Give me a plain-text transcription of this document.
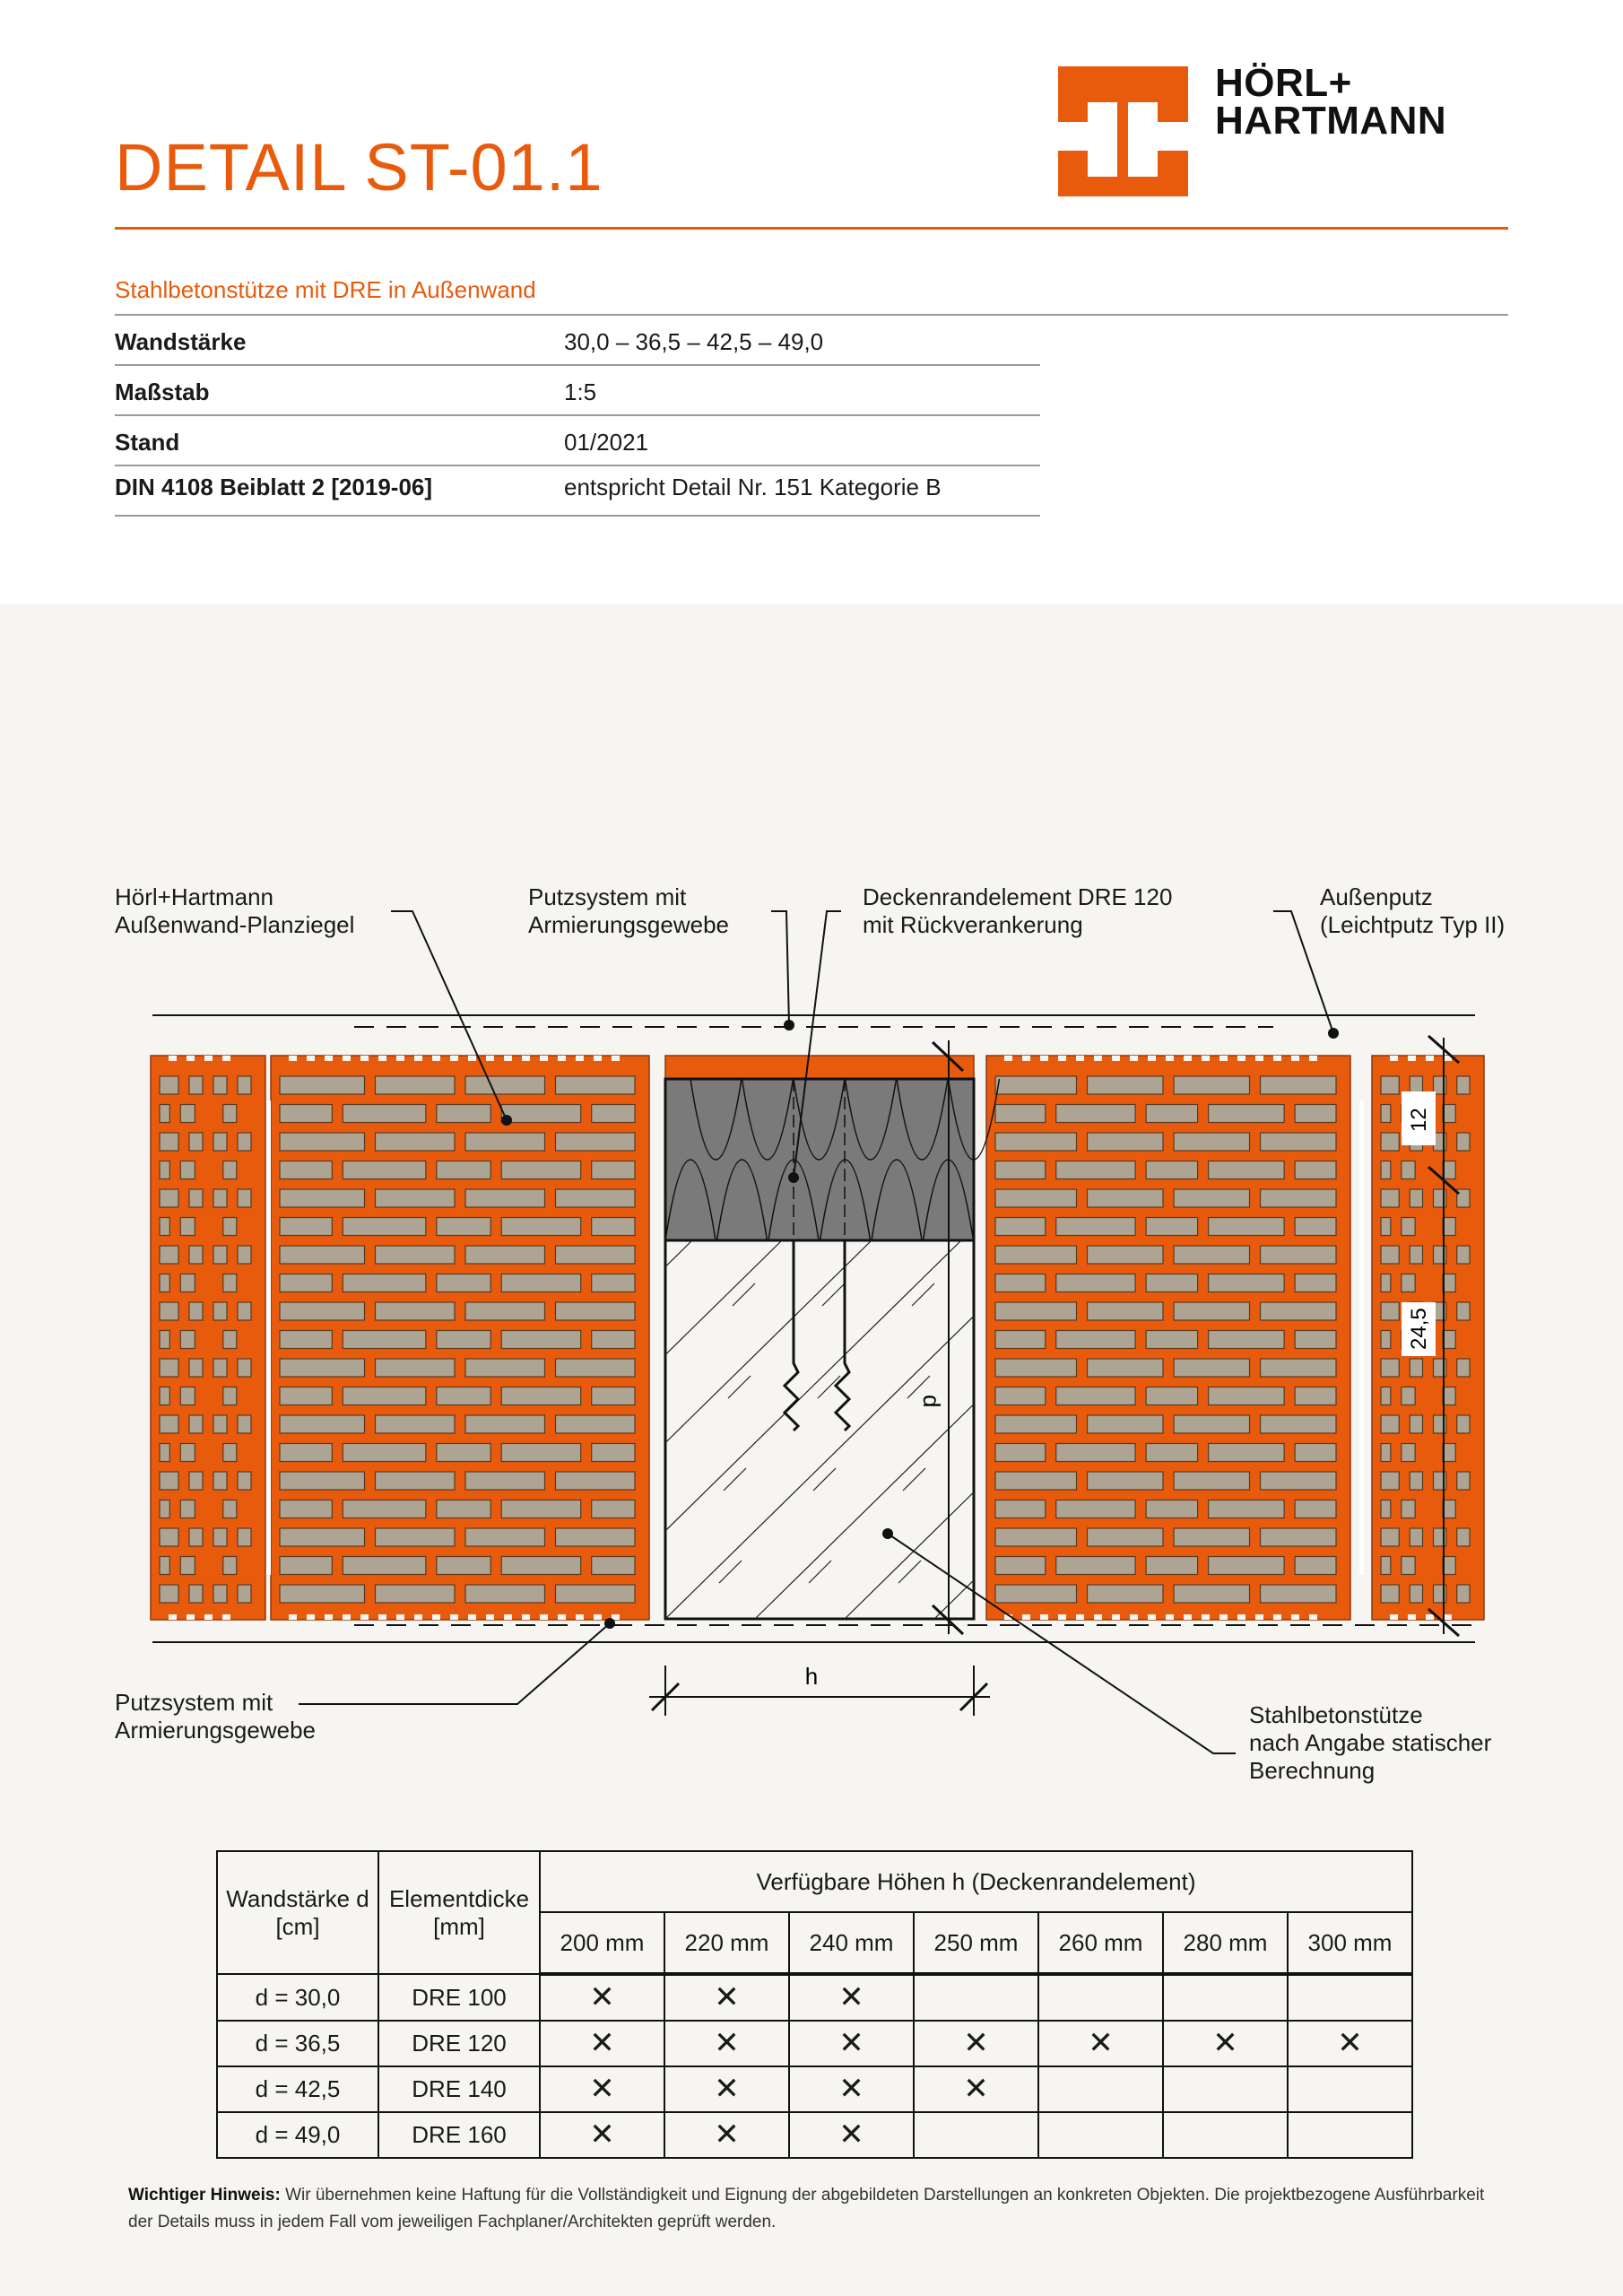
DETAIL ST-01.1
HÖRL+
HARTMANN
Stahlbetonstütze mit DRE in Außenwand
Wandstärke	30,0 – 36,5 – 42,5 – 49,0
Maßstab	1:5
Stand	01/2021
DIN 4108 Beiblatt 2 [2019-06]	entspricht Detail Nr. 151 Kategorie B
d
12
24,5
h
Hörl+Hartmann
Außenwand-Planziegel
Putzsystem mit
Armierungsgewebe
Deckenrandelement DRE 120
mit Rückverankerung
Außenputz
(Leichtputz Typ II)
Putzsystem mit
Armierungsgewebe
Stahlbetonstütze
nach Angabe statischer
Berechnung
Wandstärke d
[cm]

Elementdicke
[mm]
	Verfügbare Höhen h (Deckenrandelement)
		200 mm	220 mm	240 mm	250 mm	260 mm	280 mm	300 mm
d = 30,0	DRE 100	✕	✕	✕				
d = 36,5	DRE 120	✕	✕	✕	✕	✕	✕	✕
d = 42,5	DRE 140	✕	✕	✕	✕			
d = 49,0	DRE 160	✕	✕	✕				
Wichtiger Hinweis: Wir übernehmen keine Haftung für die Vollständigkeit und Eignung der abgebildeten Darstellungen an konkreten Objekten. Die projektbezogene Ausführbarkeit der Details muss in jedem Fall vom jeweiligen Fachplaner/Architekten geprüft werden.
